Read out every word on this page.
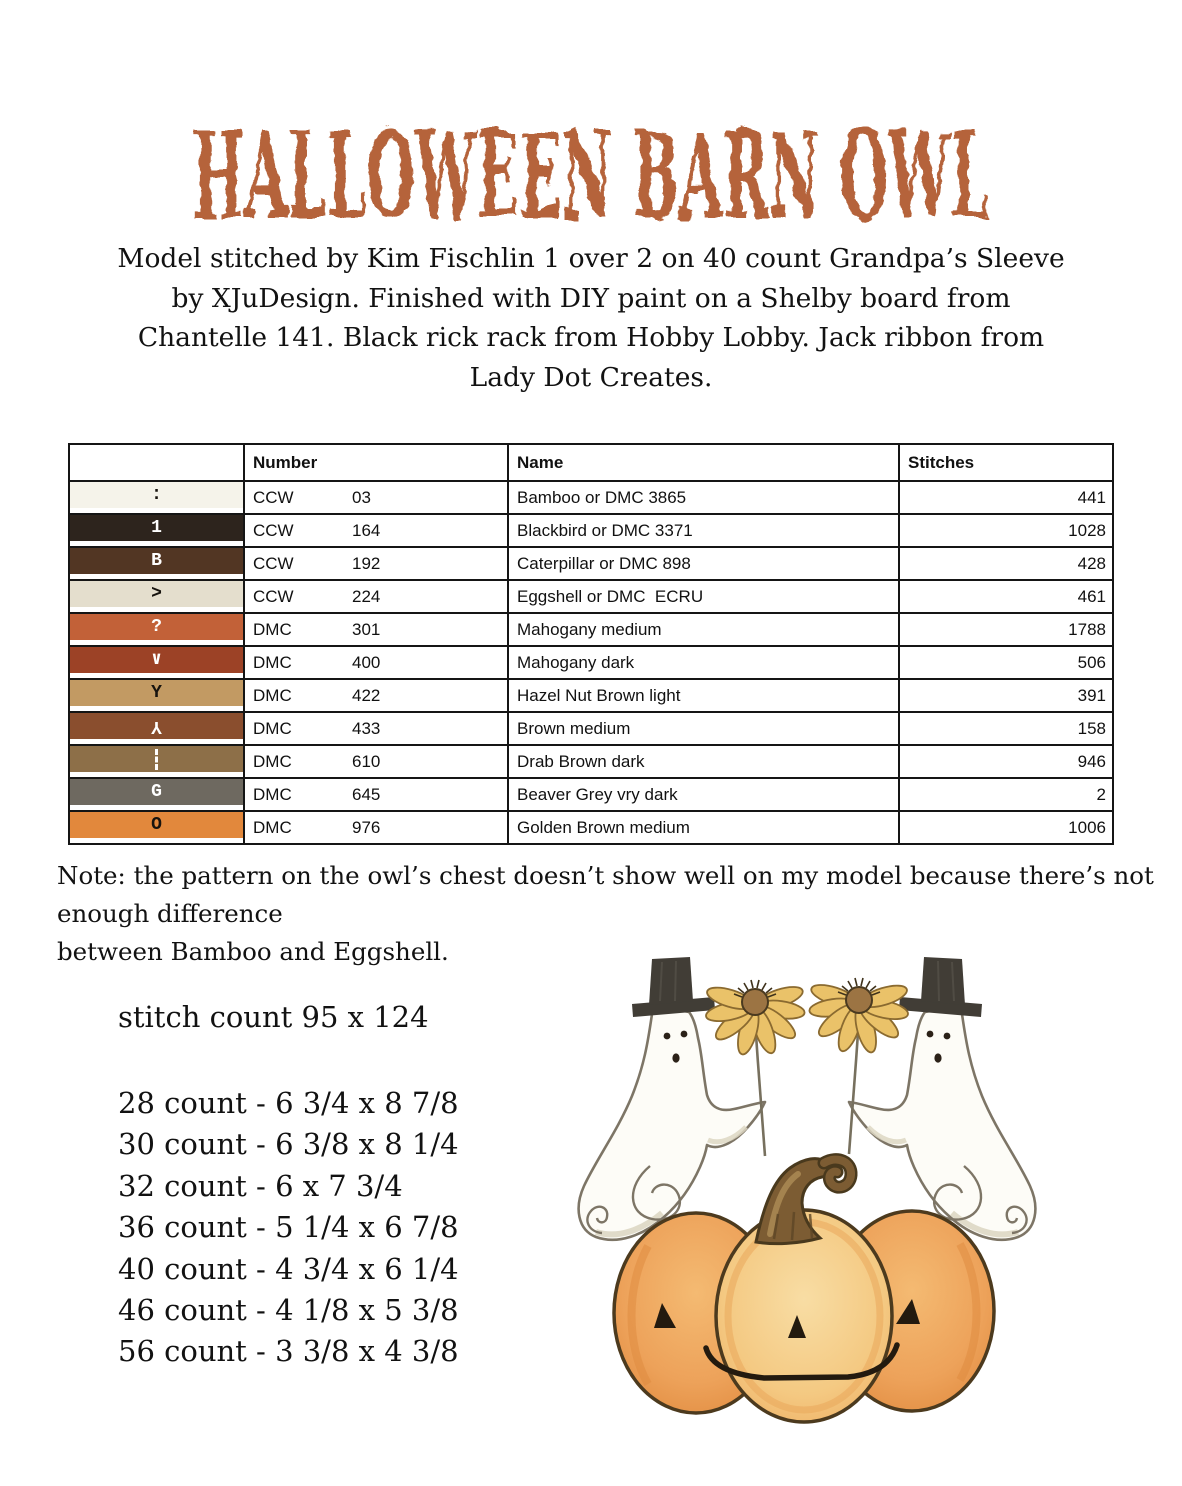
HALLOWEEN BARN OWL
Model stitched by Kim Fischlin 1 over 2 on 40 count Grandpa’s Sleeve
by XJuDesign. Finished with DIY paint on a Shelby board from
Chantelle 141. Black rick rack from Hobby Lobby. Jack ribbon from
Lady Dot Creates.
	Number	Name	Stitches

:	CCW 03	Bamboo or DMC 3865	441

1	CCW 164	Blackbird or DMC 3371	1028

B	CCW 192	Caterpillar or DMC 898	428

>	CCW 224	Eggshell or DMC  ECRU	461

?	DMC 301	Mahogany medium	1788

∨	DMC 400	Mahogany dark	506

Y	DMC 422	Hazel Nut Brown light	391

Y	DMC 433	Brown medium	158

	DMC 610	Drab Brown dark	946

G	DMC 645	Beaver Grey vry dark	2

O	DMC 976	Golden Brown medium	1006

Note: the pattern on the owl’s chest doesn’t show well on my model because there’s not enough difference
between Bamboo and Eggshell.

stitch count 95 x 124
28 count - 6 3/4 x 8 7/8
30 count - 6 3/8 x 8 1/4
32 count - 6 x 7 3/4
36 count - 5 1/4 x 6 7/8
40 count - 4 3/4 x 6 1/4
46 count - 4 1/8 x 5 3/8
56 count - 3 3/8 x 4 3/8
